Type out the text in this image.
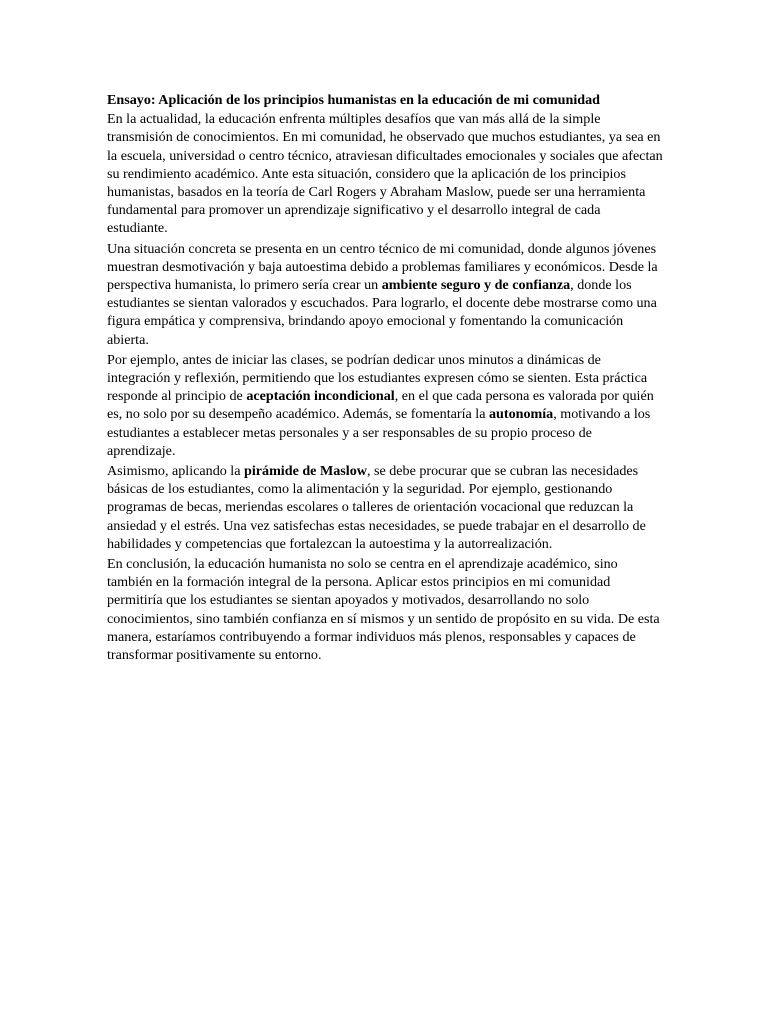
Ensayo: Aplicación de los principios humanistas en la educación de mi comunidad

En la actualidad, la educación enfrenta múltiples desafíos que van más allá de la simple transmisión de conocimientos. En mi comunidad, he observado que muchos estudiantes, ya sea en la escuela, universidad o centro técnico, atraviesan dificultades emocionales y sociales que afectan su rendimiento académico. Ante esta situación, considero que la aplicación de los principios humanistas, basados en la teoría de Carl Rogers y Abraham Maslow, puede ser una herramienta fundamental para promover un aprendizaje significativo y el desarrollo integral de cada estudiante.

Una situación concreta se presenta en un centro técnico de mi comunidad, donde algunos jóvenes muestran desmotivación y baja autoestima debido a problemas familiares y económicos. Desde la perspectiva humanista, lo primero sería crear un ambiente seguro y de confianza, donde los estudiantes se sientan valorados y escuchados. Para lograrlo, el docente debe mostrarse como una figura empática y comprensiva, brindando apoyo emocional y fomentando la comunicación abierta.

Por ejemplo, antes de iniciar las clases, se podrían dedicar unos minutos a dinámicas de integración y reflexión, permitiendo que los estudiantes expresen cómo se sienten. Esta práctica responde al principio de aceptación incondicional, en el que cada persona es valorada por quién es, no solo por su desempeño académico. Además, se fomentaría la autonomía, motivando a los estudiantes a establecer metas personales y a ser responsables de su propio proceso de aprendizaje.

Asimismo, aplicando la pirámide de Maslow, se debe procurar que se cubran las necesidades básicas de los estudiantes, como la alimentación y la seguridad. Por ejemplo, gestionando programas de becas, meriendas escolares o talleres de orientación vocacional que reduzcan la ansiedad y el estrés. Una vez satisfechas estas necesidades, se puede trabajar en el desarrollo de habilidades y competencias que fortalezcan la autoestima y la autorrealización.

En conclusión, la educación humanista no solo se centra en el aprendizaje académico, sino también en la formación integral de la persona. Aplicar estos principios en mi comunidad permitiría que los estudiantes se sientan apoyados y motivados, desarrollando no solo conocimientos, sino también confianza en sí mismos y un sentido de propósito en su vida. De esta manera, estaríamos contribuyendo a formar individuos más plenos, responsables y capaces de transformar positivamente su entorno.
